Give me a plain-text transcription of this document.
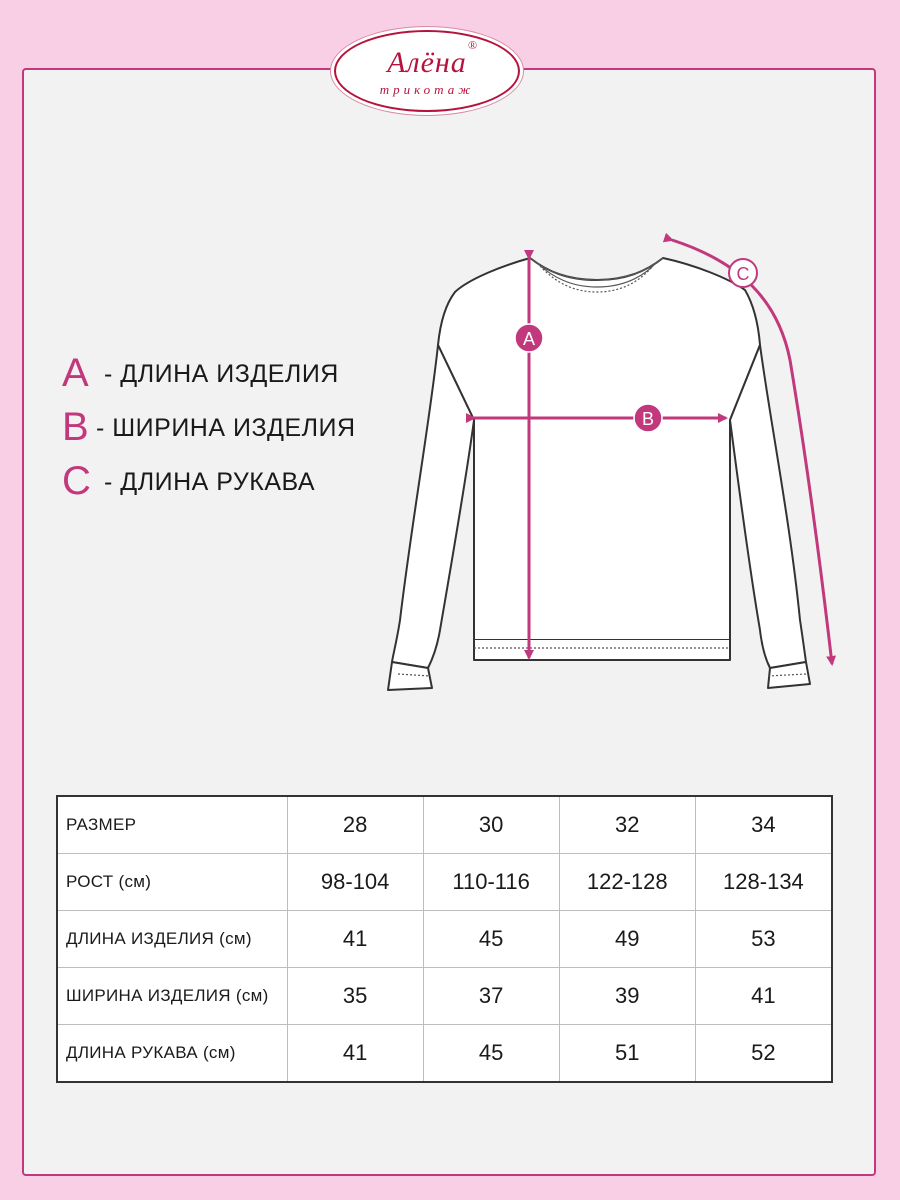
Алёна
®
трикотаж
A - ДЛИНА ИЗДЕЛИЯ
B - ШИРИНА ИЗДЕЛИЯ
C - ДЛИНА РУКАВА
A
B
C
РАЗМЕР	28	30	32	34
РОСТ (см)	98-104	110-116	122-128	128-134
ДЛИНА ИЗДЕЛИЯ (см)	41	45	49	53
ШИРИНА ИЗДЕЛИЯ (см)	35	37	39	41
ДЛИНА РУКАВА (см)	41	45	51	52
